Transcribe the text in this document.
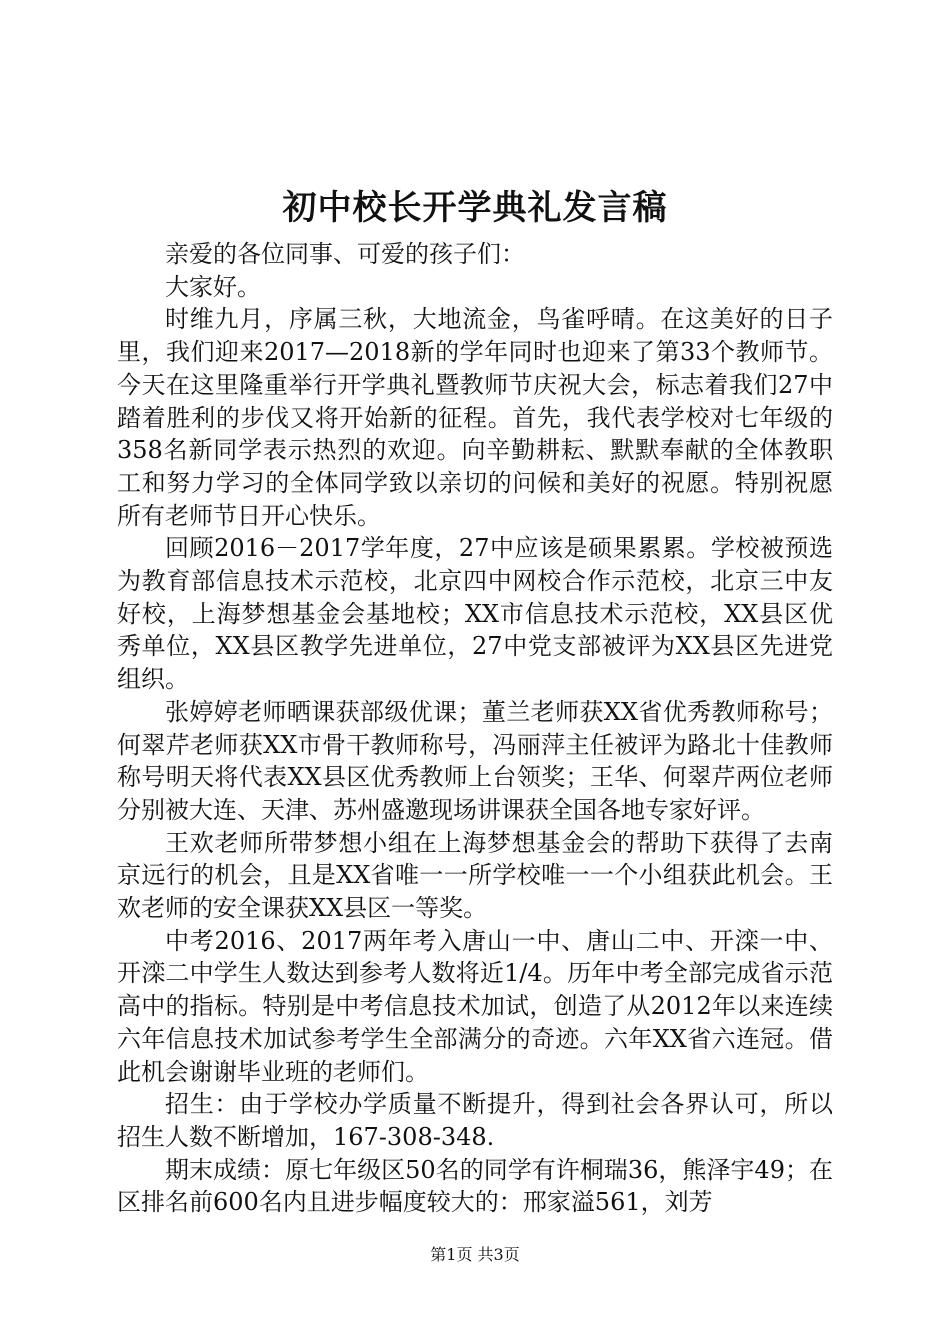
初中校长开学典礼发言稿

亲爱的各位同事、可爱的孩子们：

大家好。

时维九月，序属三秋，大地流金，鸟雀呼晴。在这美好的日子里，我们迎来2017—2018新的学年同时也迎来了第33个教师节。今天在这里隆重举行开学典礼暨教师节庆祝大会，标志着我们27中踏着胜利的步伐又将开始新的征程。首先，我代表学校对七年级的358名新同学表示热烈的欢迎。向辛勤耕耘、默默奉献的全体教职工和努力学习的全体同学致以亲切的问候和美好的祝愿。特别祝愿所有老师节日开心快乐。

回顾2016－2017学年度，27中应该是硕果累累。学校被预选为教育部信息技术示范校，北京四中网校合作示范校，北京三中友好校，上海梦想基金会基地校；XX市信息技术示范校，XX县区优秀单位，XX县区教学先进单位，27中党支部被评为XX县区先进党组织。

张婷婷老师晒课获部级优课；董兰老师获XX省优秀教师称号；何翠芹老师获XX市骨干教师称号，冯丽萍主任被评为路北十佳教师称号明天将代表XX县区优秀教师上台领奖；王华、何翠芹两位老师分别被大连、天津、苏州盛邀现场讲课获全国各地专家好评。

王欢老师所带梦想小组在上海梦想基金会的帮助下获得了去南京远行的机会，且是XX省唯一一所学校唯一一个小组获此机会。王欢老师的安全课获XX县区一等奖。

中考2016、2017两年考入唐山一中、唐山二中、开滦一中、开滦二中学生人数达到参考人数将近1/4。历年中考全部完成省示范高中的指标。特别是中考信息技术加试，创造了从2012年以来连续六年信息技术加试参考学生全部满分的奇迹。六年XX省六连冠。借此机会谢谢毕业班的老师们。

招生：由于学校办学质量不断提升，得到社会各界认可，所以招生人数不断增加，167-308-348.

期末成绩：原七年级区50名的同学有许桐瑞36，熊泽宇49；在区排名前600名内且进步幅度较大的：邢家溢561，刘芳

第1页 共3页
